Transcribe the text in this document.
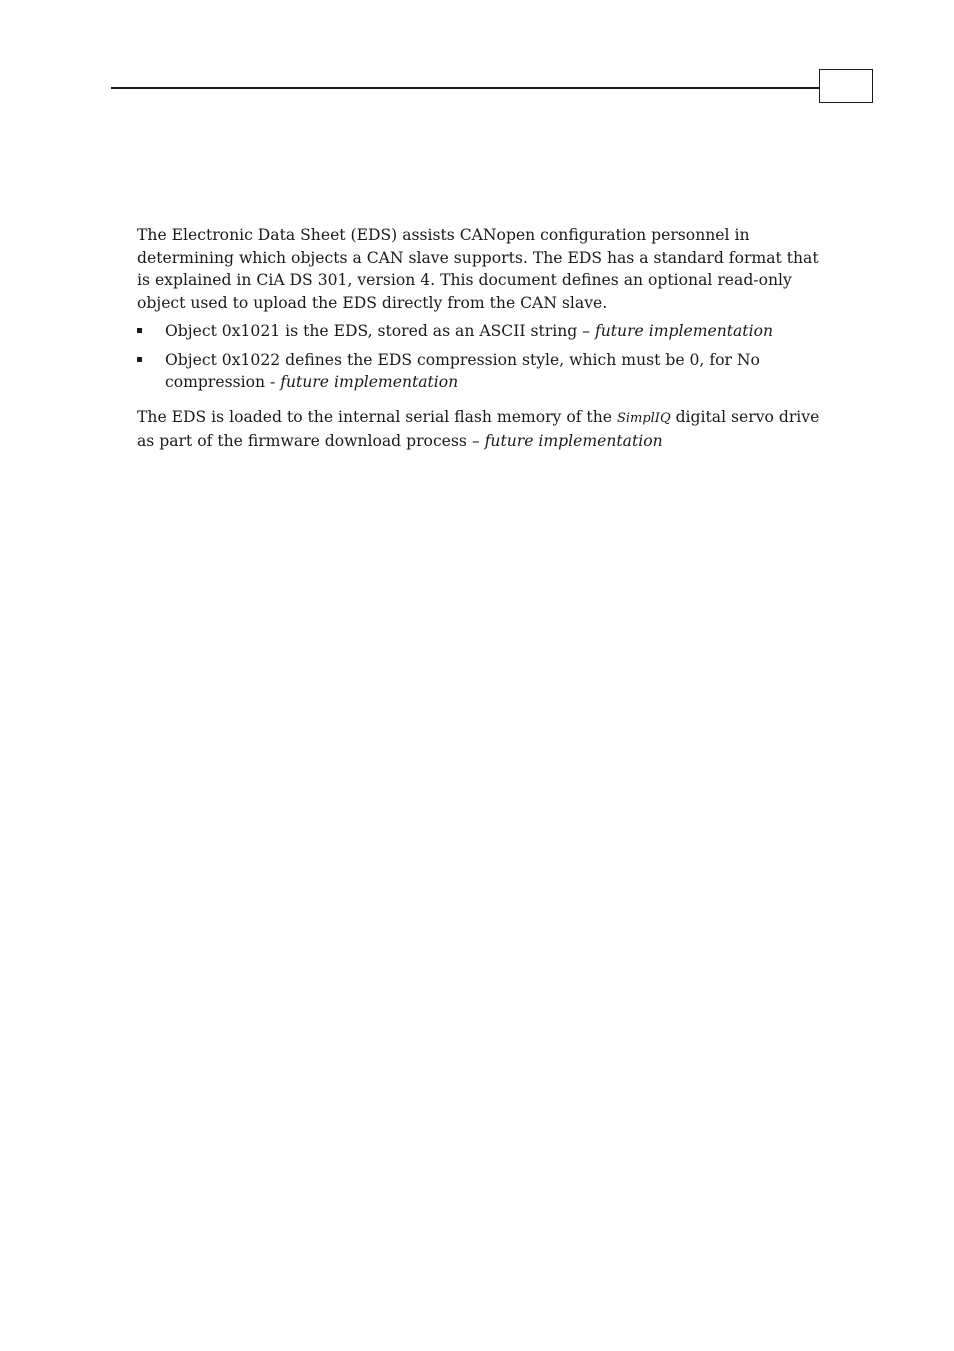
The Electronic Data Sheet (EDS) assists CANopen configuration personnel in determining which objects a CAN slave supports. The EDS has a standard format that is explained in CiA DS 301, version 4. This document defines an optional read-only object used to upload the EDS directly from the CAN slave.

Object 0x1021 is the EDS, stored as an ASCII string – future implementation
Object 0x1022 defines the EDS compression style, which must be 0, for No compression - future implementation

The EDS is loaded to the internal serial flash memory of the SimplIQ digital servo drive as part of the firmware download process – future implementation
